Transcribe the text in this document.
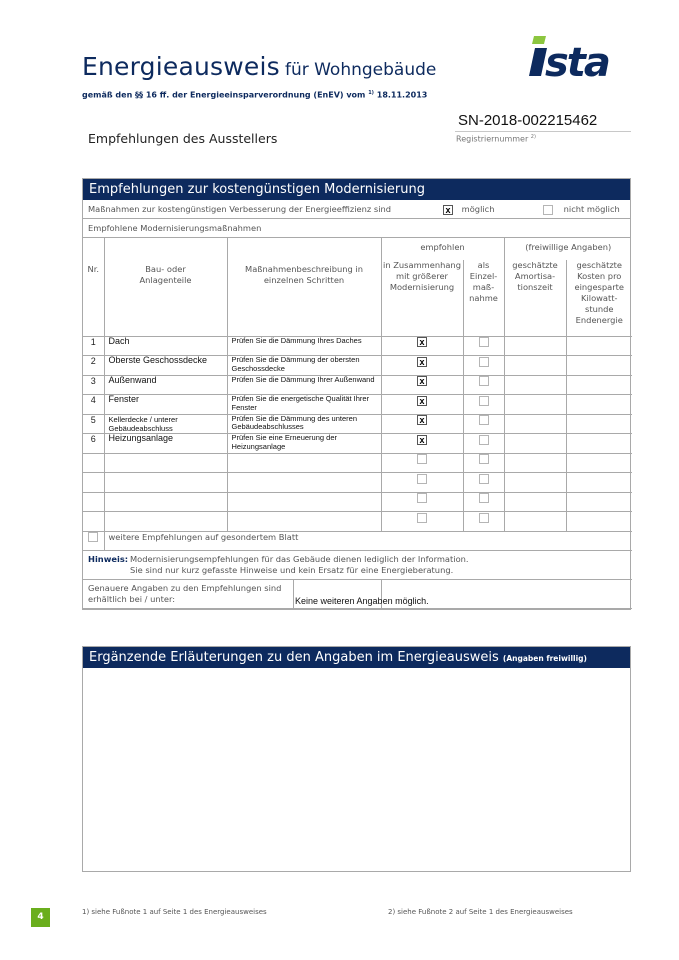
Energieausweis für Wohngebäude
gemäß den §§ 16 ff. der Energieeinsparverordnung (EnEV) vom $^{1)}$ 18.11.2013
sta
Empfehlungen des Ausstellers
SN-2018-002215462
Registriernummer $^{2)}$
Empfehlungen zur kostengünstigen Modernisierung
Maßnahmen zur kostengünstigen Verbesserung der Energieeffizienz sind	x möglich	nicht möglich
Empfohlene Modernisierungsmaßnahmen
Nr.	Bau- oder Anlagenteile	Maßnahmenbeschreibung in einzelnen Schritten	empfohlen		(freiwillige Angaben)	
			in Zusammenhang mit größerer Modernisierung	als Einzel-maß-nahme	geschätzte Amortisa-tionszeit	geschätzte Kosten pro eingesparte Kilowatt-stunde Endenergie
1	Dach	Prüfen Sie die Dämmung Ihres Daches	x			
2	Oberste Geschossdecke	Prüfen Sie die Dämmung der obersten Geschossdecke	x			
3	Außenwand	Prüfen Sie die Dämmung Ihrer Außenwand	x			
4	Fenster	Prüfen Sie die energetische Qualität Ihrer Fenster	x			
5	Kellerdecke / unterer Gebäudeabschluss	Prüfen Sie die Dämmung des unteren Gebäudeabschlusses	x			
6	Heizungsanlage	Prüfen Sie eine Erneuerung der Heizungsanlage	x			

	weitere Empfehlungen auf gesondertem Blatt					

Hinweis: Modernisierungsempfehlungen für das Gebäude dienen lediglich der Information.
Sie sind nur kurz gefasste Hinweise und kein Ersatz für eine Energieberatung.						

Genauere Angaben zu den Empfehlungen sind erhältlich bei / unter:						
		Keine weiteren Angaben möglich.
Ergänzende Erläuterungen zu den Angaben im Energieausweis (Angaben freiwillig)
4	1) siehe Fußnote 1 auf Seite 1 des Energieausweises	2) siehe Fußnote 2 auf Seite 1 des Energieausweises
